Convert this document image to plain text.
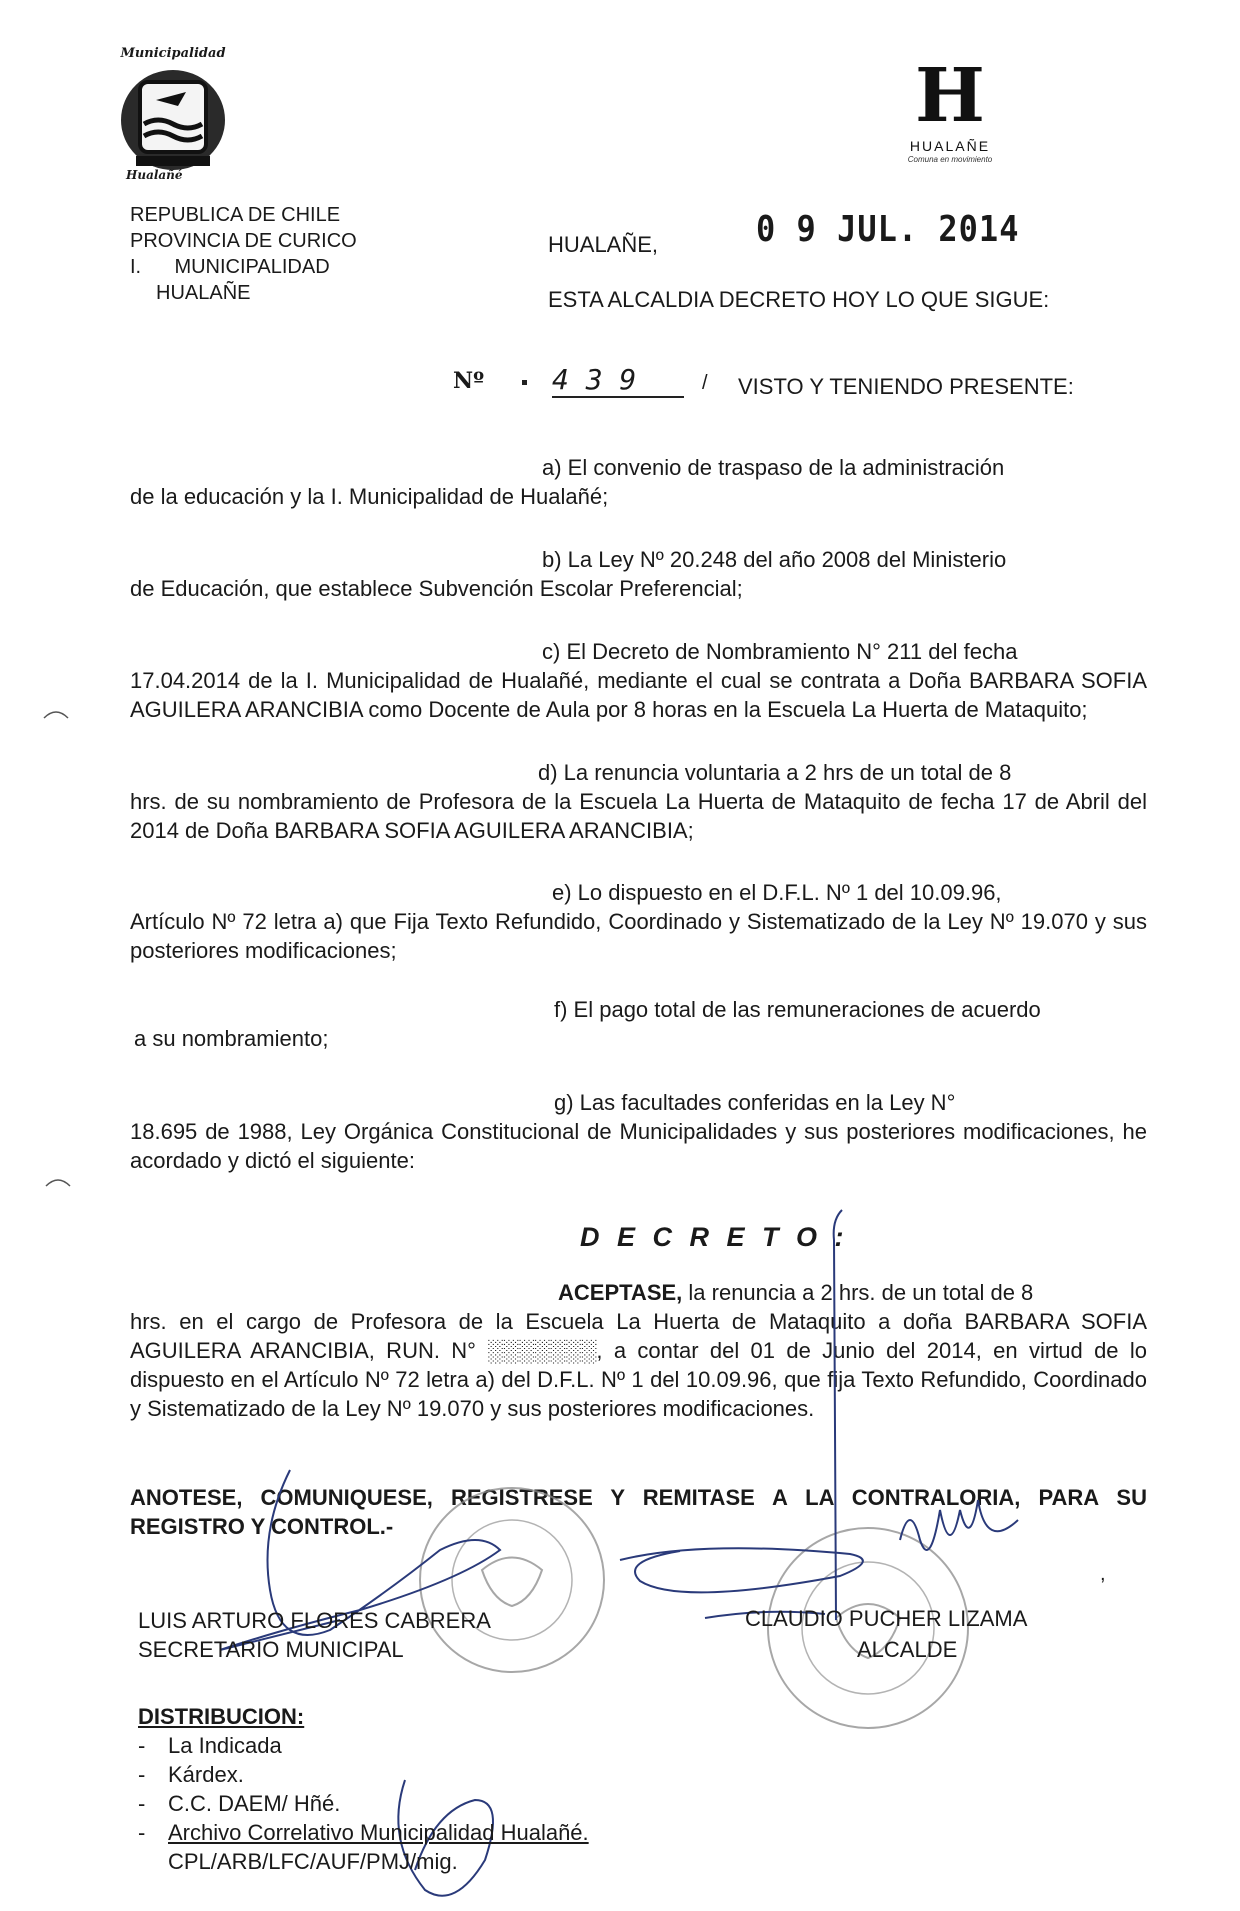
Municipalidad
Hualañé
H
HUALAÑE
Comuna en movimiento
REPUBLICA DE CHILE
PROVINCIA DE CURICO
I.      MUNICIPALIDAD
HUALAÑE
HUALAÑE,	0 9 JUL. 2014
ESTA ALCALDIA DECRETO HOY LO QUE SIGUE:
Nº 4 3 9	/ VISTO Y TENIENDO PRESENTE:
a) El convenio de traspaso de la administración
de la educación y la I. Municipalidad de Hualañé;
b) La Ley Nº 20.248 del año 2008 del Ministerio
de Educación, que establece Subvención Escolar Preferencial;
c) El Decreto de Nombramiento N° 211 del fecha
17.04.2014 de la I. Municipalidad de Hualañé, mediante el cual se contrata a Doña BARBARA SOFIA AGUILERA ARANCIBIA como Docente de Aula por 8 horas en la Escuela La Huerta de Mataquito;
d) La renuncia voluntaria a 2 hrs de un total de 8
hrs. de su nombramiento de Profesora de la Escuela La Huerta de Mataquito de fecha 17 de Abril del 2014 de Doña BARBARA SOFIA AGUILERA ARANCIBIA;
e) Lo dispuesto en el D.F.L. Nº 1 del 10.09.96,
Artículo Nº 72 letra a) que Fija Texto Refundido, Coordinado y Sistematizado de la Ley Nº 19.070 y sus posteriores modificaciones;
f) El pago total de las remuneraciones de acuerdo
a su nombramiento;
g) Las facultades conferidas en la Ley N°
18.695 de 1988, Ley Orgánica Constitucional de Municipalidades y sus posteriores modificaciones, he acordado y dictó el siguiente:
D E C R E T O :
ACEPTASE, la renuncia a 2 hrs. de un total de 8
hrs. en el cargo de Profesora de la Escuela La Huerta de Mataquito a doña BARBARA SOFIA AGUILERA ARANCIBIA, RUN. N° ░░░░░░░, a contar del 01 de Junio del 2014, en virtud de lo dispuesto en el Artículo Nº 72 letra a) del D.F.L. Nº 1 del 10.09.96, que fija Texto Refundido, Coordinado y Sistematizado de la Ley Nº 19.070 y sus posteriores modificaciones.
ANOTESE, COMUNIQUESE, REGISTRESE Y REMITASE A LA CONTRALORIA, PARA SU REGISTRO Y CONTROL.-
LUIS ARTURO FLORES CABRERA
SECRETARIO MUNICIPAL
CLAUDIO PUCHER LIZAMA
ALCALDE
,
DISTRIBUCION:
- La Indicada
- Kárdex.
- C.C. DAEM/ Hñé.
- Archivo Correlativo Municipalidad Hualañé.
CPL/ARB/LFC/AUF/PMJ/mig.
